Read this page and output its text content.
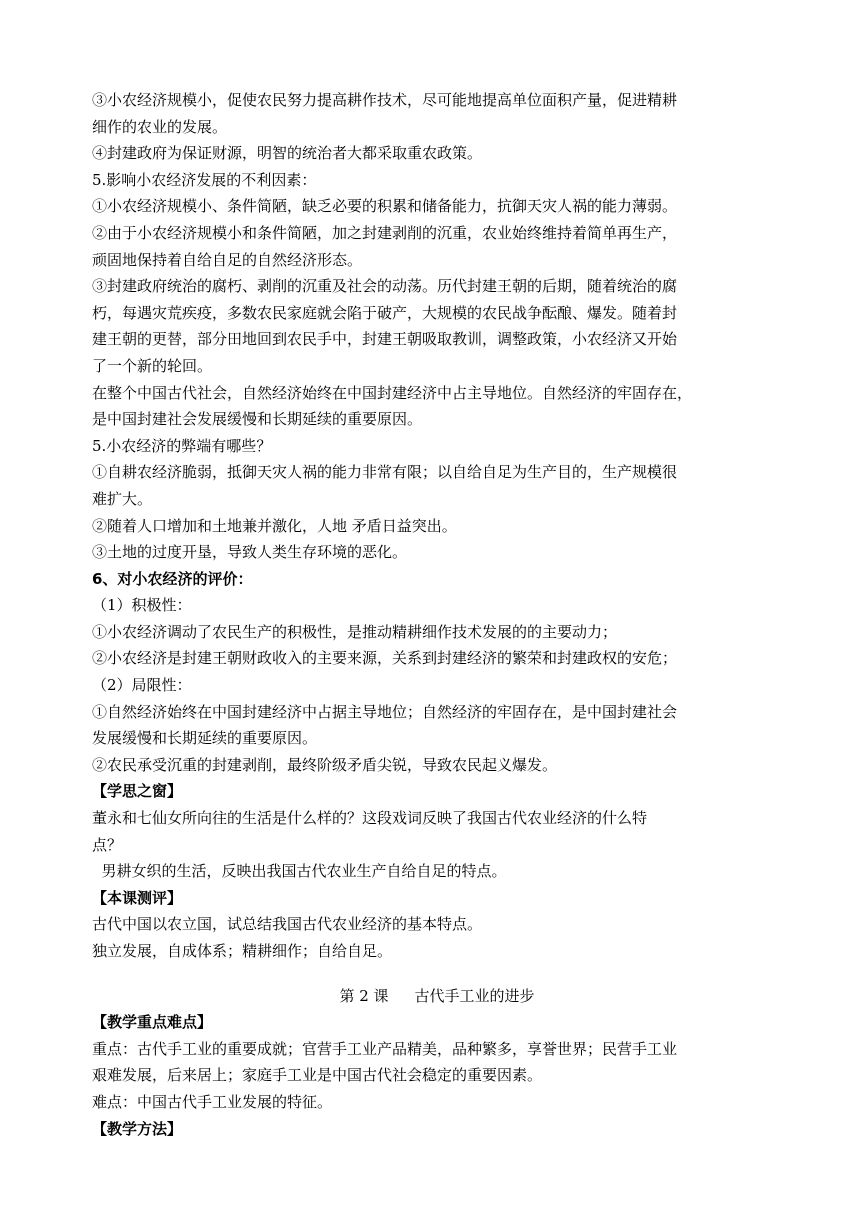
③小农经济规模小，促使农民努力提高耕作技术，尽可能地提高单位面积产量，促进精耕
细作的农业的发展。
④封建政府为保证财源，明智的统治者大都采取重农政策。
5.影响小农经济发展的不利因素：
①小农经济规模小、条件简陋，缺乏必要的积累和储备能力，抗御天灾人祸的能力薄弱。
②由于小农经济规模小和条件简陋，加之封建剥削的沉重，农业始终维持着简单再生产，
顽固地保持着自给自足的自然经济形态。
③封建政府统治的腐朽、剥削的沉重及社会的动荡。历代封建王朝的后期，随着统治的腐
朽，每遇灾荒疾疫，多数农民家庭就会陷于破产，大规模的农民战争酝酿、爆发。随着封
建王朝的更替，部分田地回到农民手中，封建王朝吸取教训，调整政策，小农经济又开始
了一个新的轮回。
在整个中国古代社会，自然经济始终在中国封建经济中占主导地位。自然经济的牢固存在，
是中国封建社会发展缓慢和长期延续的重要原因。
5.小农经济的弊端有哪些？
①自耕农经济脆弱，抵御天灾人祸的能力非常有限；以自给自足为生产目的，生产规模很
难扩大。
②随着人口增加和土地兼并激化，人地 矛盾日益突出。
③土地的过度开垦，导致人类生存环境的恶化。
6、对小农经济的评价：
（1）积极性：
①小农经济调动了农民生产的积极性，是推动精耕细作技术发展的的主要动力；
②小农经济是封建王朝财政收入的主要来源，关系到封建经济的繁荣和封建政权的安危；
（2）局限性：
①自然经济始终在中国封建经济中占据主导地位；自然经济的牢固存在，是中国封建社会
发展缓慢和长期延续的重要原因。
②农民承受沉重的封建剥削，最终阶级矛盾尖锐，导致农民起义爆发。
【学思之窗】
董永和七仙女所向往的生活是什么样的？这段戏词反映了我国古代农业经济的什么特
点？
男耕女织的生活，反映出我国古代农业生产自给自足的特点。
【本课测评】
古代中国以农立国，试总结我国古代农业经济的基本特点。
独立发展，自成体系；精耕细作；自给自足。
第 2 课 古代手工业的进步
【教学重点难点】
重点：古代手工业的重要成就；官营手工业产品精美，品种繁多，享誉世界；民营手工业
艰难发展，后来居上；家庭手工业是中国古代社会稳定的重要因素。
难点：中国古代手工业发展的特征。
【教学方法】
